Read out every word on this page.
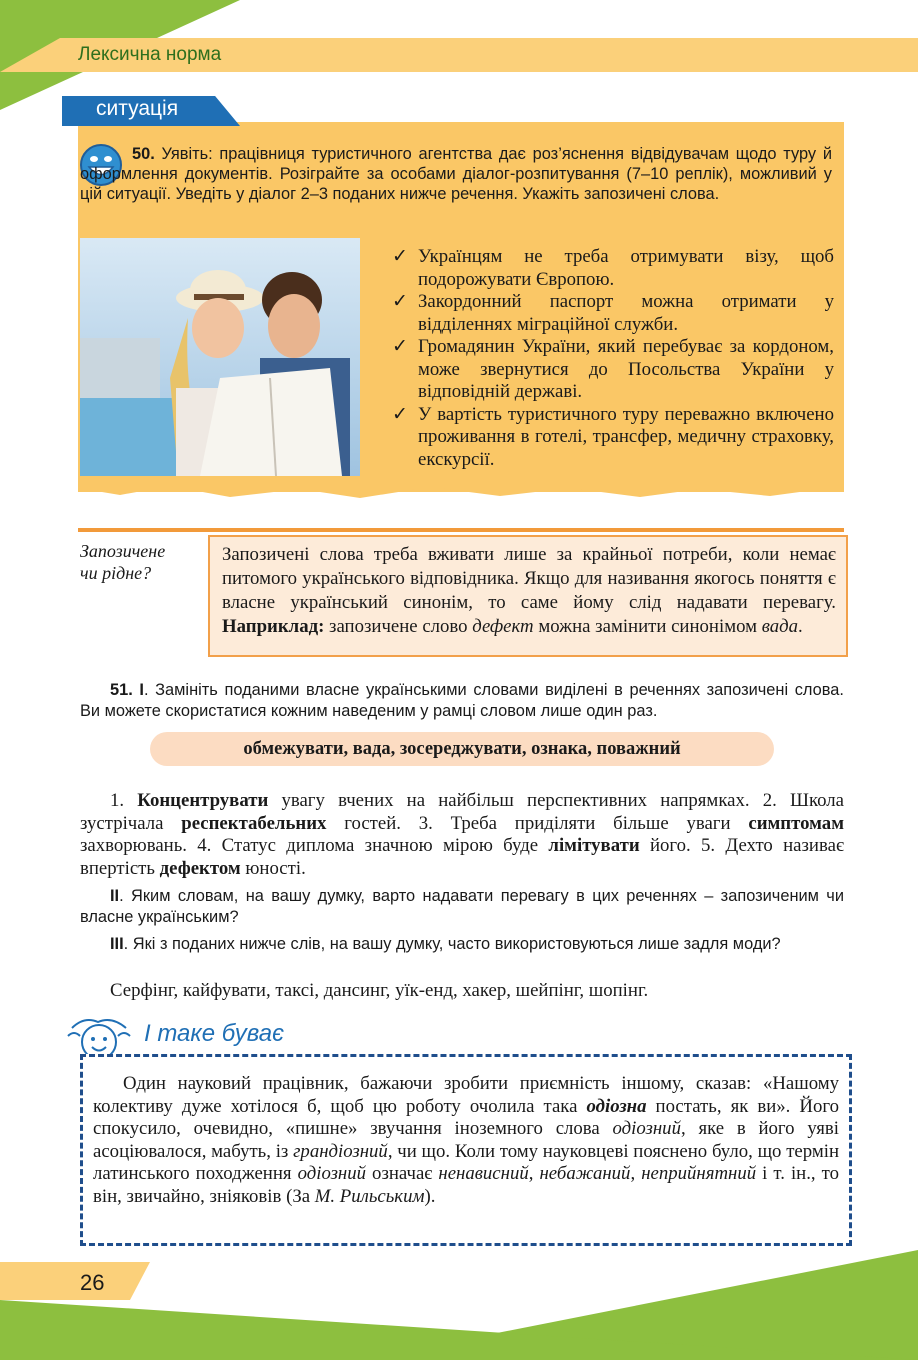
Лексична норма
ситуація
50. Уявіть: працівниця туристичного агентства дає роз’яснення відвідувачам щодо туру й оформлення документів. Розіграйте за особами діалог-розпитування (7–10 реплік), можливий у цій ситуації. Уведіть у діалог 2–3 поданих нижче речення. Укажіть запозичені слова.
✓ Українцям не треба отримувати візу, щоб подорожувати Європою.
✓ Закордонний паспорт можна отримати у відділеннях міграційної служби.
✓ Громадянин України, який перебуває за кордоном, може звернутися до Посольства України у відповідній державі.
✓ У вартість туристичного туру переважно включено проживання в готелі, трансфер, медичну страховку, екскурсії.
Запозичене
чи рідне?
Запозичені слова треба вживати лише за крайньої потреби, коли немає питомого українського відповідника. Якщо для називання якогось поняття є власне український синонім, то саме йому слід надавати перевагу. Наприклад: запозичене слово дефект можна замінити синонімом вада.
51. I. Замініть поданими власне українськими словами виділені в реченнях запозичені слова. Ви можете скористатися кожним наведеним у рамці словом лише один раз.
обмежувати, вада, зосереджувати, ознака, поважний
1. Концентрувати увагу вчених на найбільш перспективних напрямках. 2. Школа зустрічала респектабельних гостей. 3. Треба приділяти більше уваги симптомам захворювань. 4. Статус диплома значною мірою буде лімітувати його. 5. Дехто називає впертість дефектом юності.
II. Яким словам, на вашу думку, варто надавати перевагу в цих реченнях – запозиченим чи власне українським?
III. Які з поданих нижче слів, на вашу думку, часто використовуються лише задля моди?
Серфінг, кайфувати, таксі, дансинг, уїк-енд, хакер, шейпінг, шопінг.
І таке буває
Один науковий працівник, бажаючи зробити приємність іншому, сказав: «Нашому колективу дуже хотілося б, щоб цю роботу очолила така одіозна постать, як ви». Його спокусило, очевидно, «пишне» звучання іноземного слова одіозний, яке в його уяві асоціювалося, мабуть, із грандіозний, чи що. Коли тому науковцеві пояснено було, що термін латинського походження одіозний означає ненависний, небажаний, неприйнятний і т. ін., то він, звичайно, зніяковів (За М. Рильським).
26
